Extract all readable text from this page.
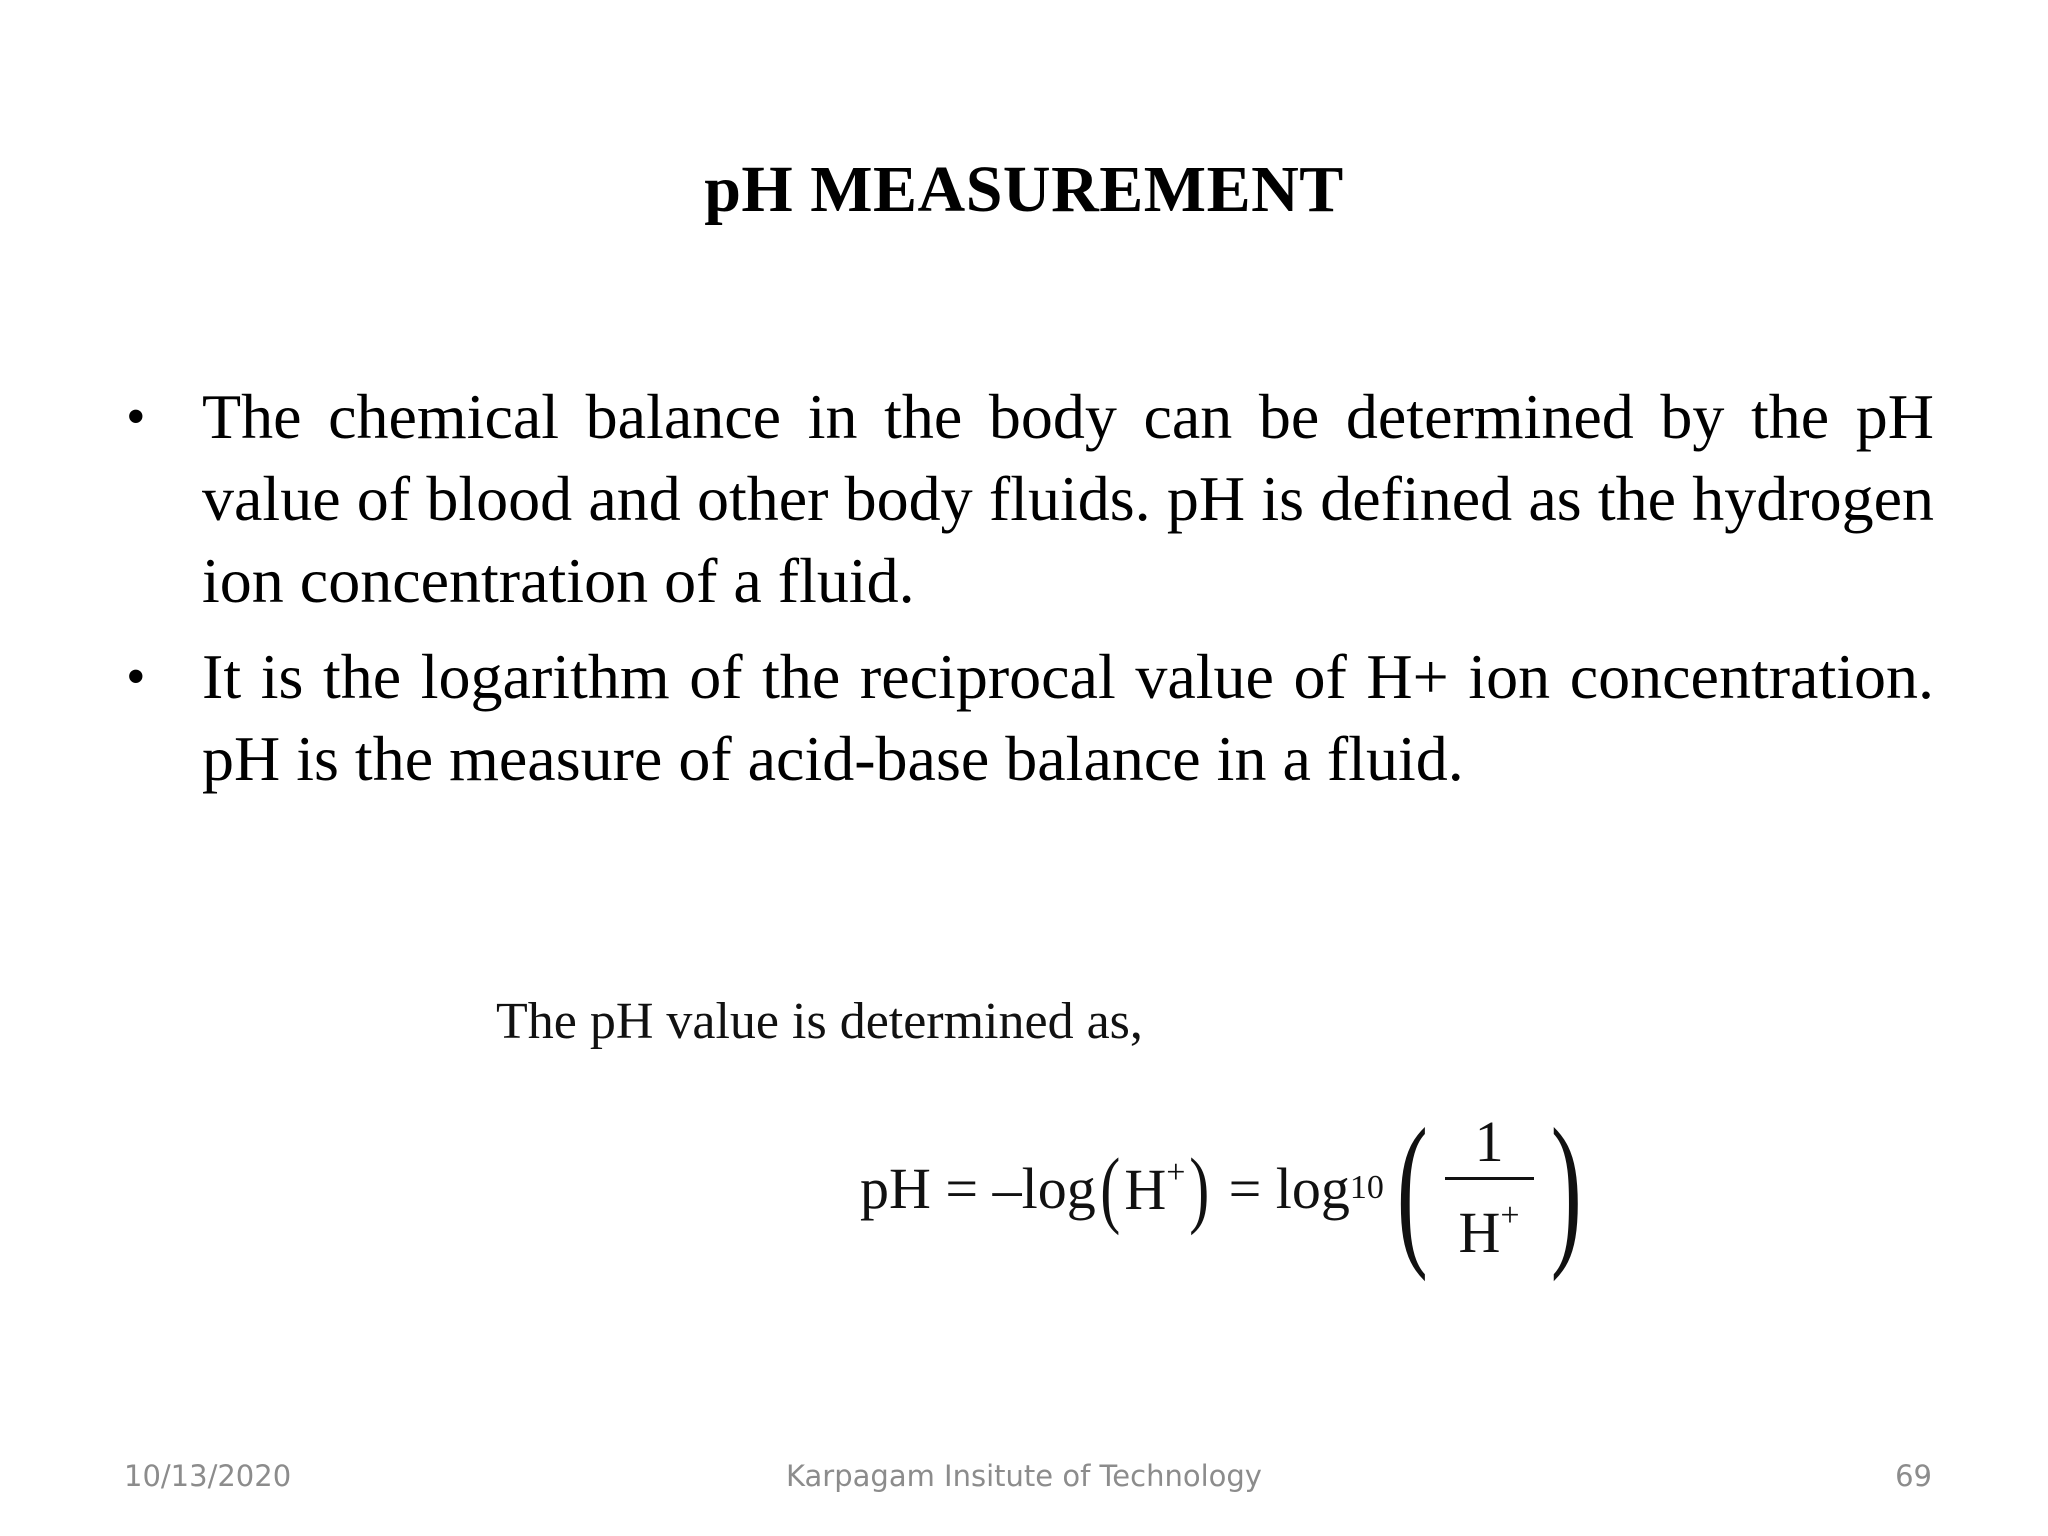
pH MEASUREMENT
• The chemical balance in the body can be determined by the pH value of blood and other body fluids. pH is defined as the hydrogen ion concentration of a fluid.
• It is the logarithm of the reciprocal value of H+ ion concentration. pH is the measure of acid-base balance in a fluid.
The pH value is determined as,
pH = –log ( H+ ) = log 10 ( $\frac{1}{H^+}$ )
10/13/2020	Karpagam Insitute of Technology	69
